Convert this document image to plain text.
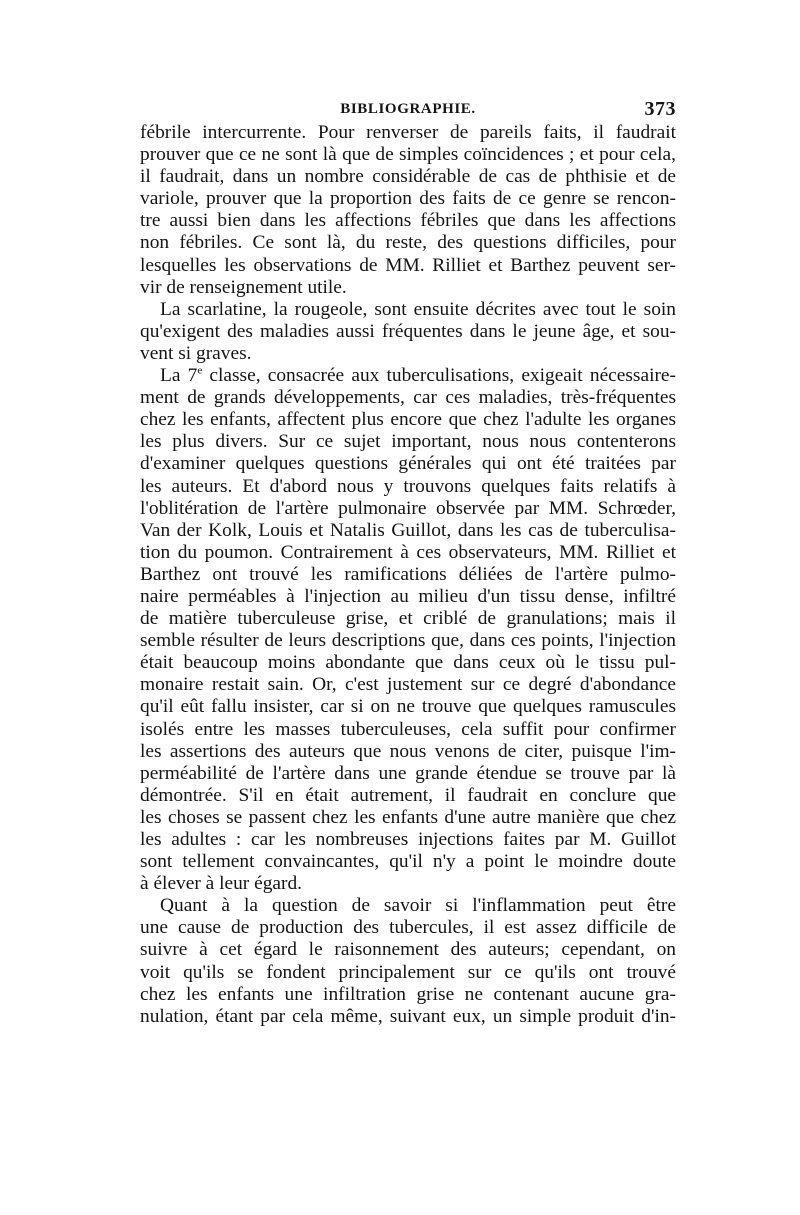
BIBLIOGRAPHIE.	373

fébrile intercurrente. Pour renverser de pareils faits, il faudrait
prouver que ce ne sont là que de simples coïncidences ; et pour cela,
il faudrait, dans un nombre considérable de cas de phthisie et de
variole, prouver que la proportion des faits de ce genre se rencon-
tre aussi bien dans les affections fébriles que dans les affections
non fébriles. Ce sont là, du reste, des questions difficiles, pour
lesquelles les observations de MM. Rilliet et Barthez peuvent ser-
vir de renseignement utile.

La scarlatine, la rougeole, sont ensuite décrites avec tout le soin
qu'exigent des maladies aussi fréquentes dans le jeune âge, et sou-
vent si graves.

La 7e classe, consacrée aux tuberculisations, exigeait nécessaire-
ment de grands développements, car ces maladies, très-fréquentes
chez les enfants, affectent plus encore que chez l'adulte les organes
les plus divers. Sur ce sujet important, nous nous contenterons
d'examiner quelques questions générales qui ont été traitées par
les auteurs. Et d'abord nous y trouvons quelques faits relatifs à
l'oblitération de l'artère pulmonaire observée par MM. Schrœder,
Van der Kolk, Louis et Natalis Guillot, dans les cas de tuberculisa-
tion du poumon. Contrairement à ces observateurs, MM. Rilliet et
Barthez ont trouvé les ramifications déliées de l'artère pulmo-
naire perméables à l'injection au milieu d'un tissu dense, infiltré
de matière tuberculeuse grise, et criblé de granulations; mais il
semble résulter de leurs descriptions que, dans ces points, l'injection
était beaucoup moins abondante que dans ceux où le tissu pul-
monaire restait sain. Or, c'est justement sur ce degré d'abondance
qu'il eût fallu insister, car si on ne trouve que quelques ramuscules
isolés entre les masses tuberculeuses, cela suffit pour confirmer
les assertions des auteurs que nous venons de citer, puisque l'im-
perméabilité de l'artère dans une grande étendue se trouve par là
démontrée. S'il en était autrement, il faudrait en conclure que
les choses se passent chez les enfants d'une autre manière que chez
les adultes : car les nombreuses injections faites par M. Guillot
sont tellement convaincantes, qu'il n'y a point le moindre doute
à élever à leur égard.

Quant à la question de savoir si l'inflammation peut être
une cause de production des tubercules, il est assez difficile de
suivre à cet égard le raisonnement des auteurs; cependant, on
voit qu'ils se fondent principalement sur ce qu'ils ont trouvé
chez les enfants une infiltration grise ne contenant aucune gra-
nulation, étant par cela même, suivant eux, un simple produit d'in-
